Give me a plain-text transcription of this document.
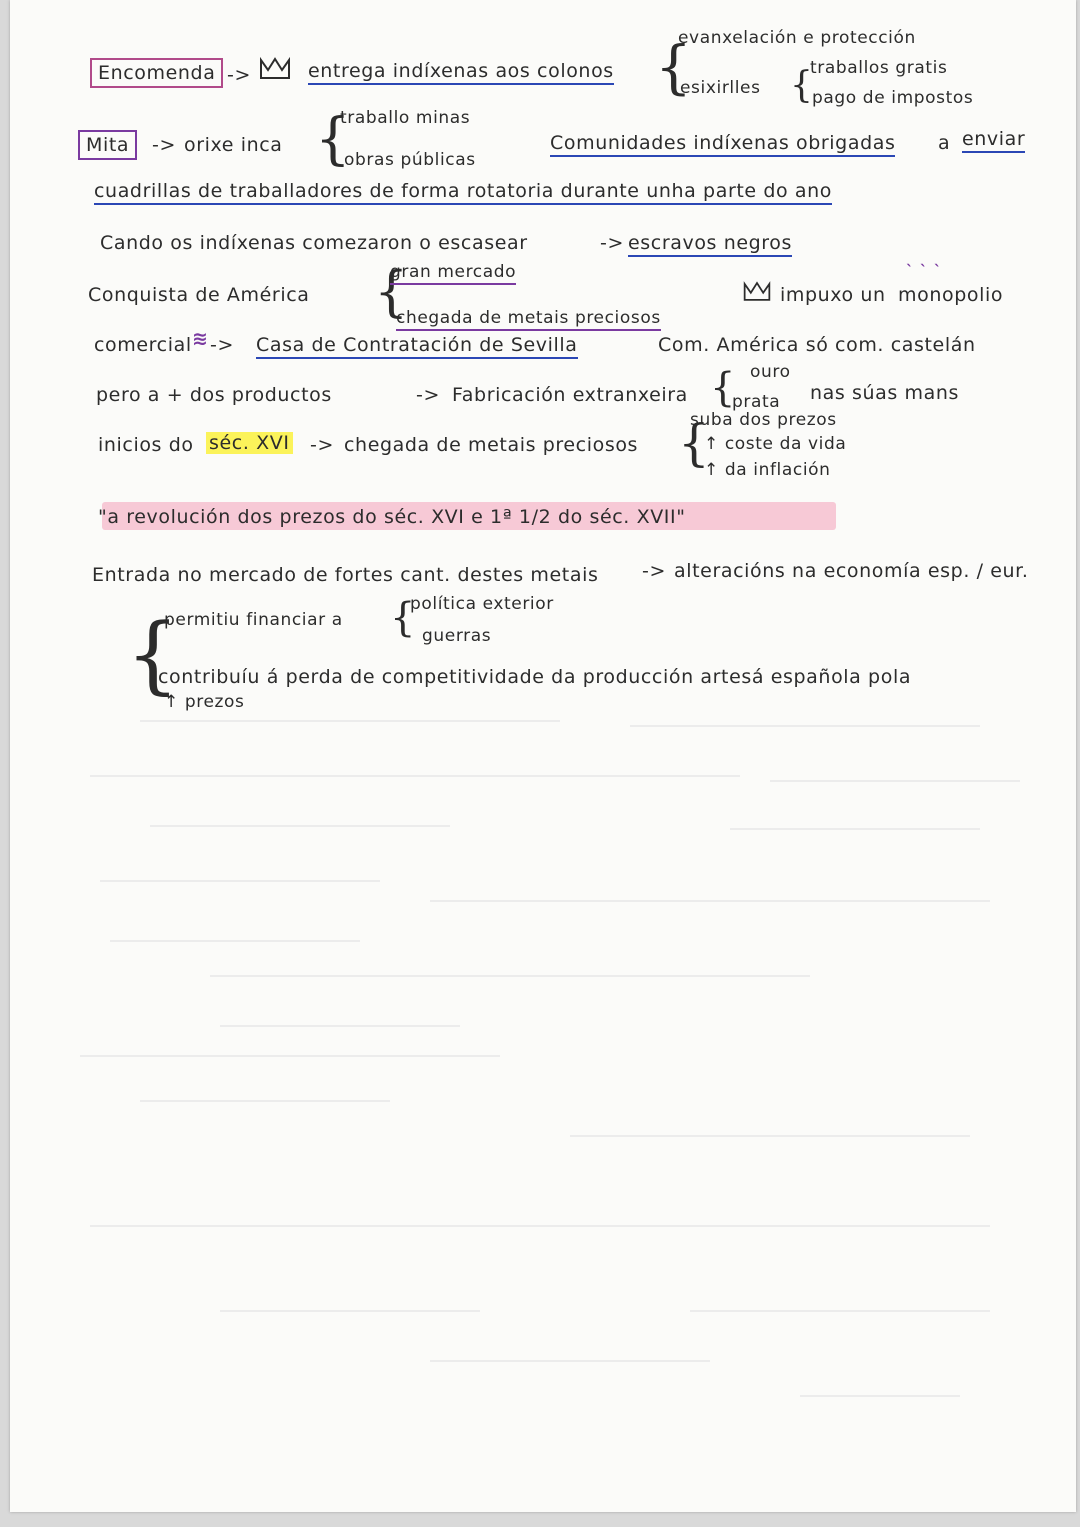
Encomenda ->	entrega indíxenas aos colonos {
evanxelación e protección
esixirlles {
traballos gratis
pago de impostos
Mita	-> orixe inca {
traballo minas
obras públicas
Comunidades indíxenas obrigadas a enviar
cuadrillas de traballadores de forma rotatoria durante unha parte do ano
Cando os indíxenas comezaron o escasear	-> escravos negros
Conquista de América {
gran mercado
chegada de metais preciosos
impuxo un monopolio
` ` `
comercial ≋ -> Casa de Contratación de Sevilla	Com. América só com. castelán
ouro
pero a + dos productos	-> Fabricación extranxeira {
prata nas súas mans
suba dos prezos
inicios do séc. XVI -> chegada de metais preciosos {
↑ coste da vida
↑ da inflación
"a revolución dos prezos do séc. XVI e 1ª 1/2 do séc. XVII"
Entrada no mercado de fortes cant. destes metais -> alteracións na economía esp. / eur.
{
permitiu financiar a {
política exterior
guerras
contribuíu á perda de competitividade da producción artesá española pola
↑ prezos
